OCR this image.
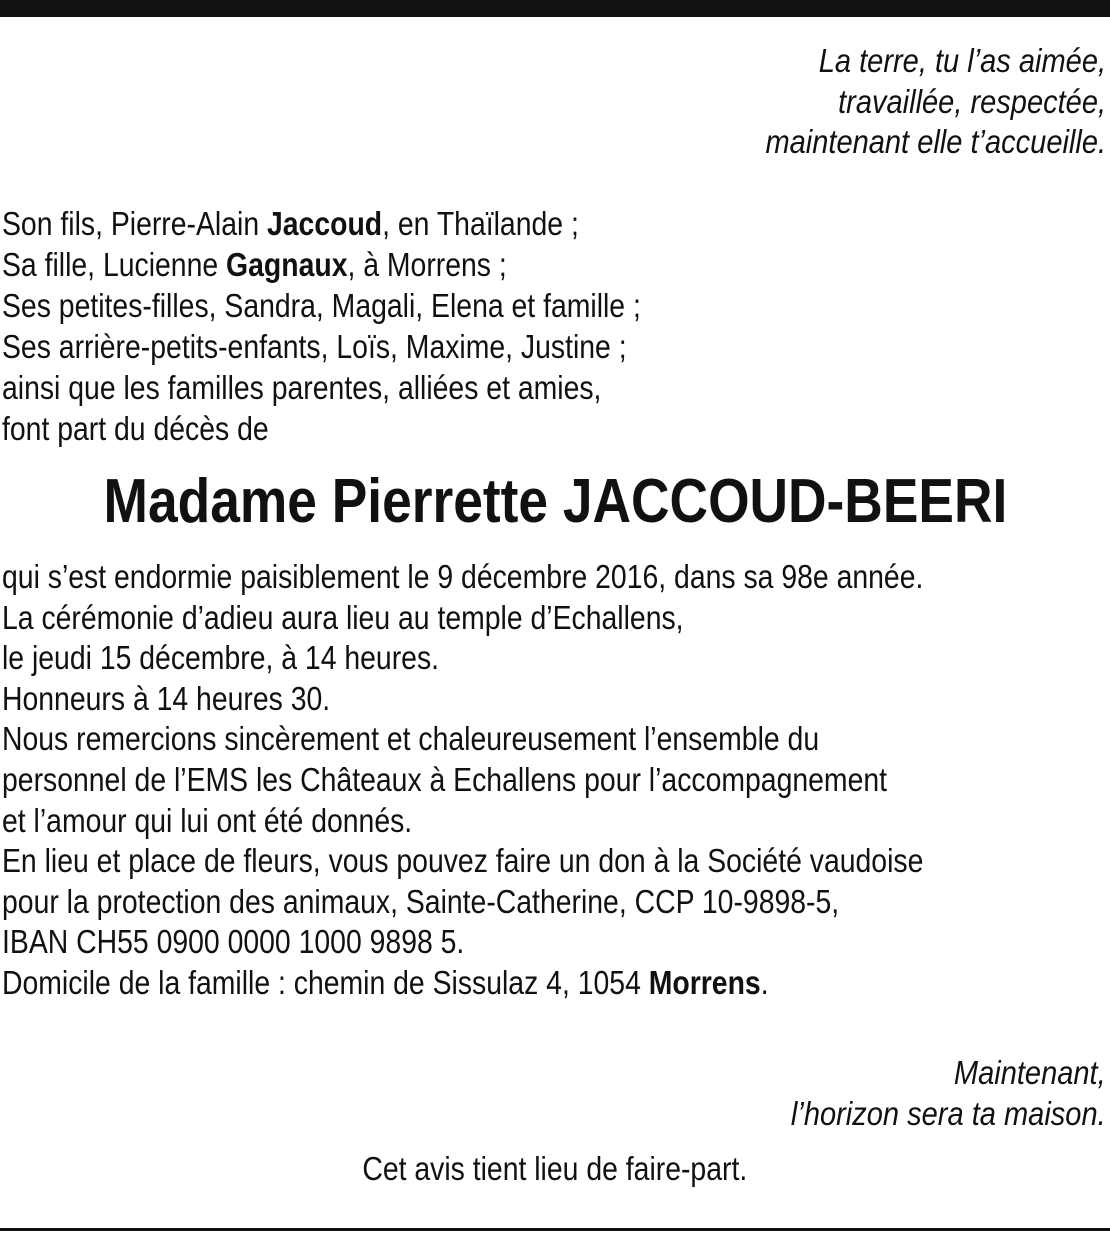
La terre, tu l’as aimée,
travaillée, respectée,
maintenant elle t’accueille.
Son fils, Pierre-Alain Jaccoud, en Thaïlande ;
Sa fille, Lucienne Gagnaux, à Morrens ;
Ses petites-filles, Sandra, Magali, Elena et famille ;
Ses arrière-petits-enfants, Loïs, Maxime, Justine ;
ainsi que les familles parentes, alliées et amies,
font part du décès de
Madame Pierrette JACCOUD-BEERI
qui s’est endormie paisiblement le 9 décembre 2016, dans sa 98e année.
La cérémonie d’adieu aura lieu au temple d’Echallens,
le jeudi 15 décembre, à 14 heures.
Honneurs à 14 heures 30.
Nous remercions sincèrement et chaleureusement l’ensemble du
personnel de l’EMS les Châteaux à Echallens pour l’accompagnement
et l’amour qui lui ont été donnés.
En lieu et place de fleurs, vous pouvez faire un don à la Société vaudoise
pour la protection des animaux, Sainte-Catherine, CCP 10-9898-5,
IBAN CH55 0900 0000 1000 9898 5.
Domicile de la famille : chemin de Sissulaz 4, 1054 Morrens.
Maintenant,
l’horizon sera ta maison.
Cet avis tient lieu de faire-part.
